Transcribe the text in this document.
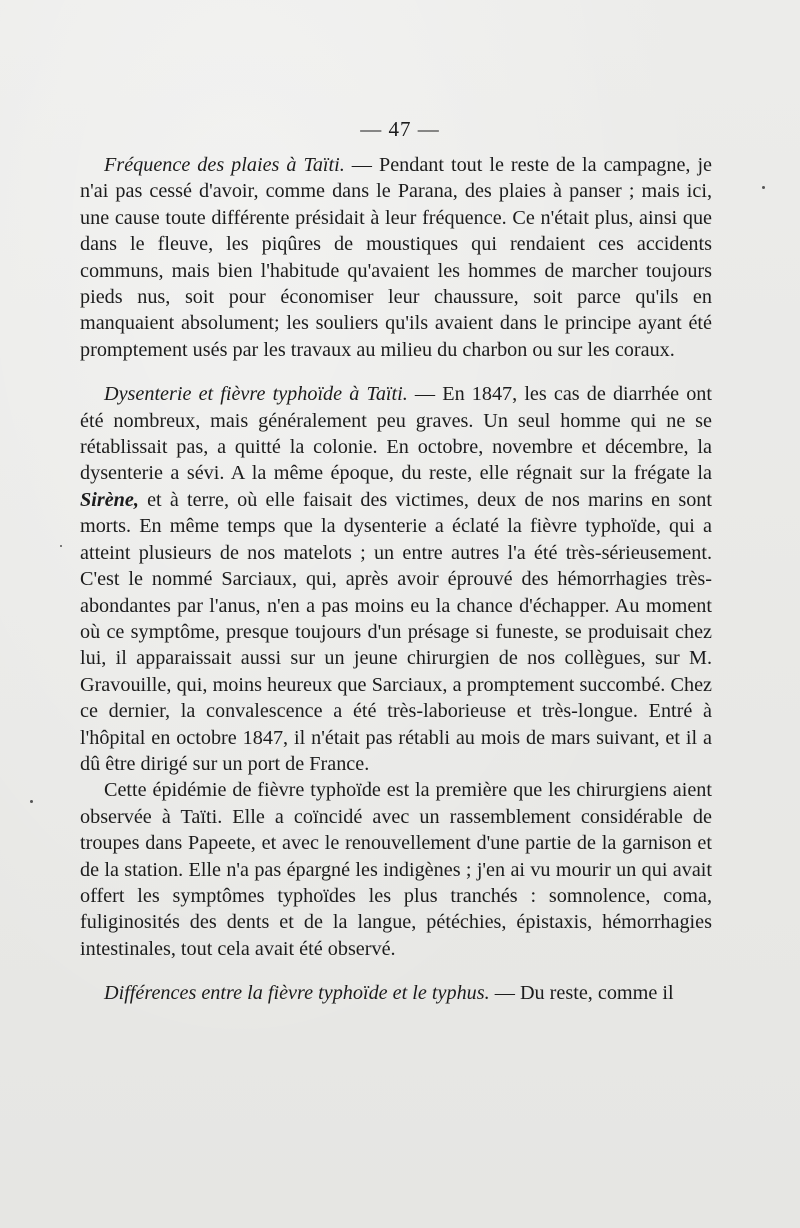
— 47 —

Fréquence des plaies à Taïti. — Pendant tout le reste de la campagne, je n'ai pas cessé d'avoir, comme dans le Parana, des plaies à panser ; mais ici, une cause toute différente présidait à leur fréquence. Ce n'était plus, ainsi que dans le fleuve, les piqûres de moustiques qui rendaient ces accidents communs, mais bien l'habitude qu'avaient les hommes de marcher toujours pieds nus, soit pour économiser leur chaussure, soit parce qu'ils en manquaient absolument; les souliers qu'ils avaient dans le principe ayant été promptement usés par les travaux au milieu du charbon ou sur les coraux.

Dysenterie et fièvre typhoïde à Taïti. — En 1847, les cas de diarrhée ont été nombreux, mais généralement peu graves. Un seul homme qui ne se rétablissait pas, a quitté la colonie. En octobre, novembre et décembre, la dysenterie a sévi. A la même époque, du reste, elle régnait sur la frégate la Sirène, et à terre, où elle faisait des victimes, deux de nos marins en sont morts. En même temps que la dysenterie a éclaté la fièvre typhoïde, qui a atteint plusieurs de nos matelots ; un entre autres l'a été très-sérieusement. C'est le nommé Sarciaux, qui, après avoir éprouvé des hémorrhagies très-abondantes par l'anus, n'en a pas moins eu la chance d'échapper. Au moment où ce symptôme, presque toujours d'un présage si funeste, se produisait chez lui, il apparaissait aussi sur un jeune chirurgien de nos collègues, sur M. Gravouille, qui, moins heureux que Sarciaux, a promptement succombé. Chez ce dernier, la convalescence a été très-laborieuse et très-longue. Entré à l'hôpital en octobre 1847, il n'était pas rétabli au mois de mars suivant, et il a dû être dirigé sur un port de France.

Cette épidémie de fièvre typhoïde est la première que les chirurgiens aient observée à Taïti. Elle a coïncidé avec un rassemblement considérable de troupes dans Papeete, et avec le renouvellement d'une partie de la garnison et de la station. Elle n'a pas épargné les indigènes ; j'en ai vu mourir un qui avait offert les symptômes typhoïdes les plus tranchés : somnolence, coma, fuliginosités des dents et de la langue, pétéchies, épistaxis, hémorrhagies intestinales, tout cela avait été observé.

Différences entre la fièvre typhoïde et le typhus. — Du reste, comme il
